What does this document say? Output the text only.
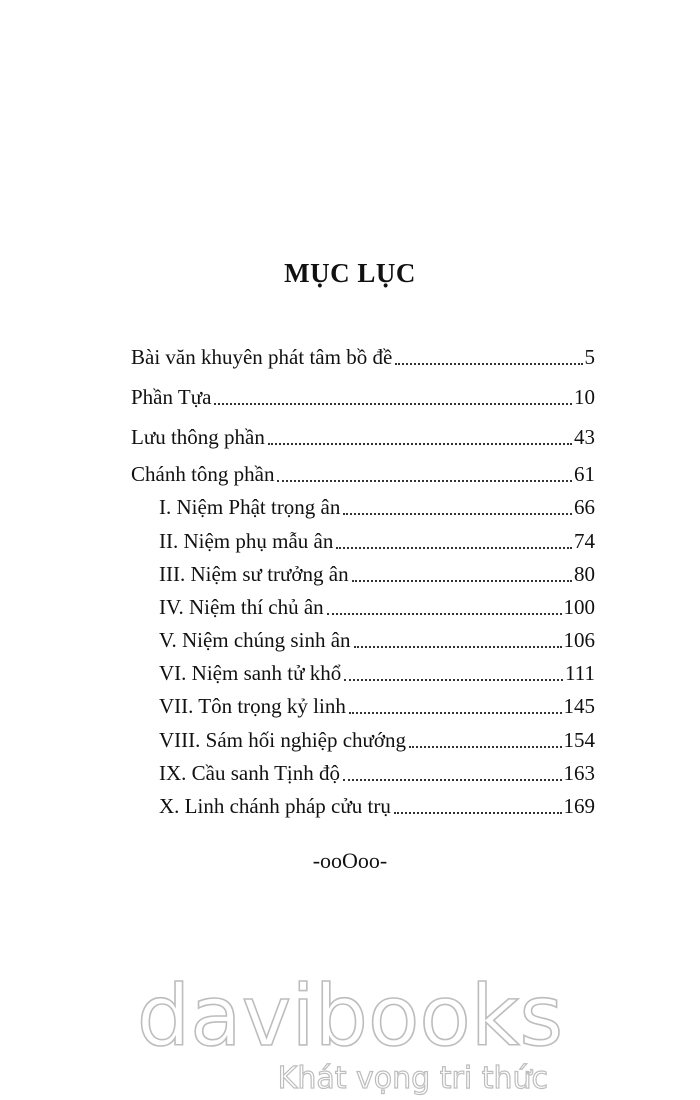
MỤC LỤC
Bài văn khuyên phát tâm bồ đề	5
Phần Tựa	10
Lưu thông phần	43
Chánh tông phần	61
I. Niệm Phật trọng ân	66
II. Niệm phụ mẫu ân	74
III. Niệm sư trưởng ân	80
IV. Niệm thí chủ ân	100
V. Niệm chúng sinh ân	106
VI. Niệm sanh tử khổ	111
VII. Tôn trọng kỷ linh	145
VIII. Sám hối nghiệp chướng	154
IX. Cầu sanh Tịnh độ	163
X. Linh chánh pháp cửu trụ	169
-ooOoo-
davibooks
Khát vọng tri thức
